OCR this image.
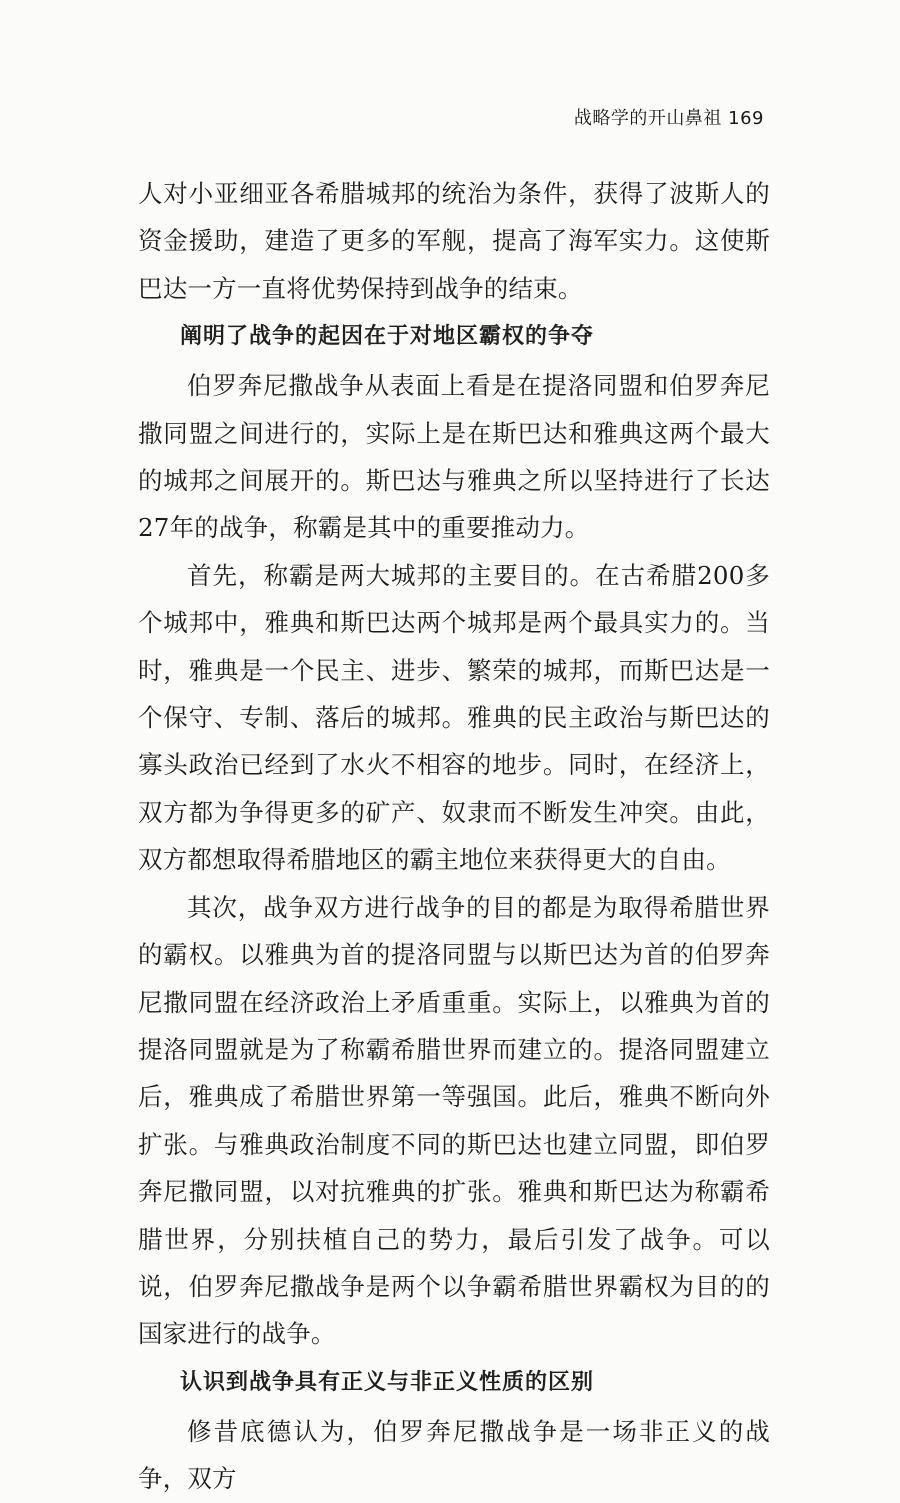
战略学的开山鼻祖 169

人对小亚细亚各希腊城邦的统治为条件，获得了波斯人的资金援助，建造了更多的军舰，提高了海军实力。这使斯巴达一方一直将优势保持到战争的结束。

阐明了战争的起因在于对地区霸权的争夺

伯罗奔尼撒战争从表面上看是在提洛同盟和伯罗奔尼撒同盟之间进行的，实际上是在斯巴达和雅典这两个最大的城邦之间展开的。斯巴达与雅典之所以坚持进行了长达27年的战争，称霸是其中的重要推动力。

首先，称霸是两大城邦的主要目的。在古希腊200多个城邦中，雅典和斯巴达两个城邦是两个最具实力的。当时，雅典是一个民主、进步、繁荣的城邦，而斯巴达是一个保守、专制、落后的城邦。雅典的民主政治与斯巴达的寡头政治已经到了水火不相容的地步。同时，在经济上，双方都为争得更多的矿产、奴隶而不断发生冲突。由此，双方都想取得希腊地区的霸主地位来获得更大的自由。

其次，战争双方进行战争的目的都是为取得希腊世界的霸权。以雅典为首的提洛同盟与以斯巴达为首的伯罗奔尼撒同盟在经济政治上矛盾重重。实际上，以雅典为首的提洛同盟就是为了称霸希腊世界而建立的。提洛同盟建立后，雅典成了希腊世界第一等强国。此后，雅典不断向外扩张。与雅典政治制度不同的斯巴达也建立同盟，即伯罗奔尼撒同盟，以对抗雅典的扩张。雅典和斯巴达为称霸希腊世界，分别扶植自己的势力，最后引发了战争。可以说，伯罗奔尼撒战争是两个以争霸希腊世界霸权为目的的国家进行的战争。

认识到战争具有正义与非正义性质的区别

修昔底德认为，伯罗奔尼撒战争是一场非正义的战争，双方
